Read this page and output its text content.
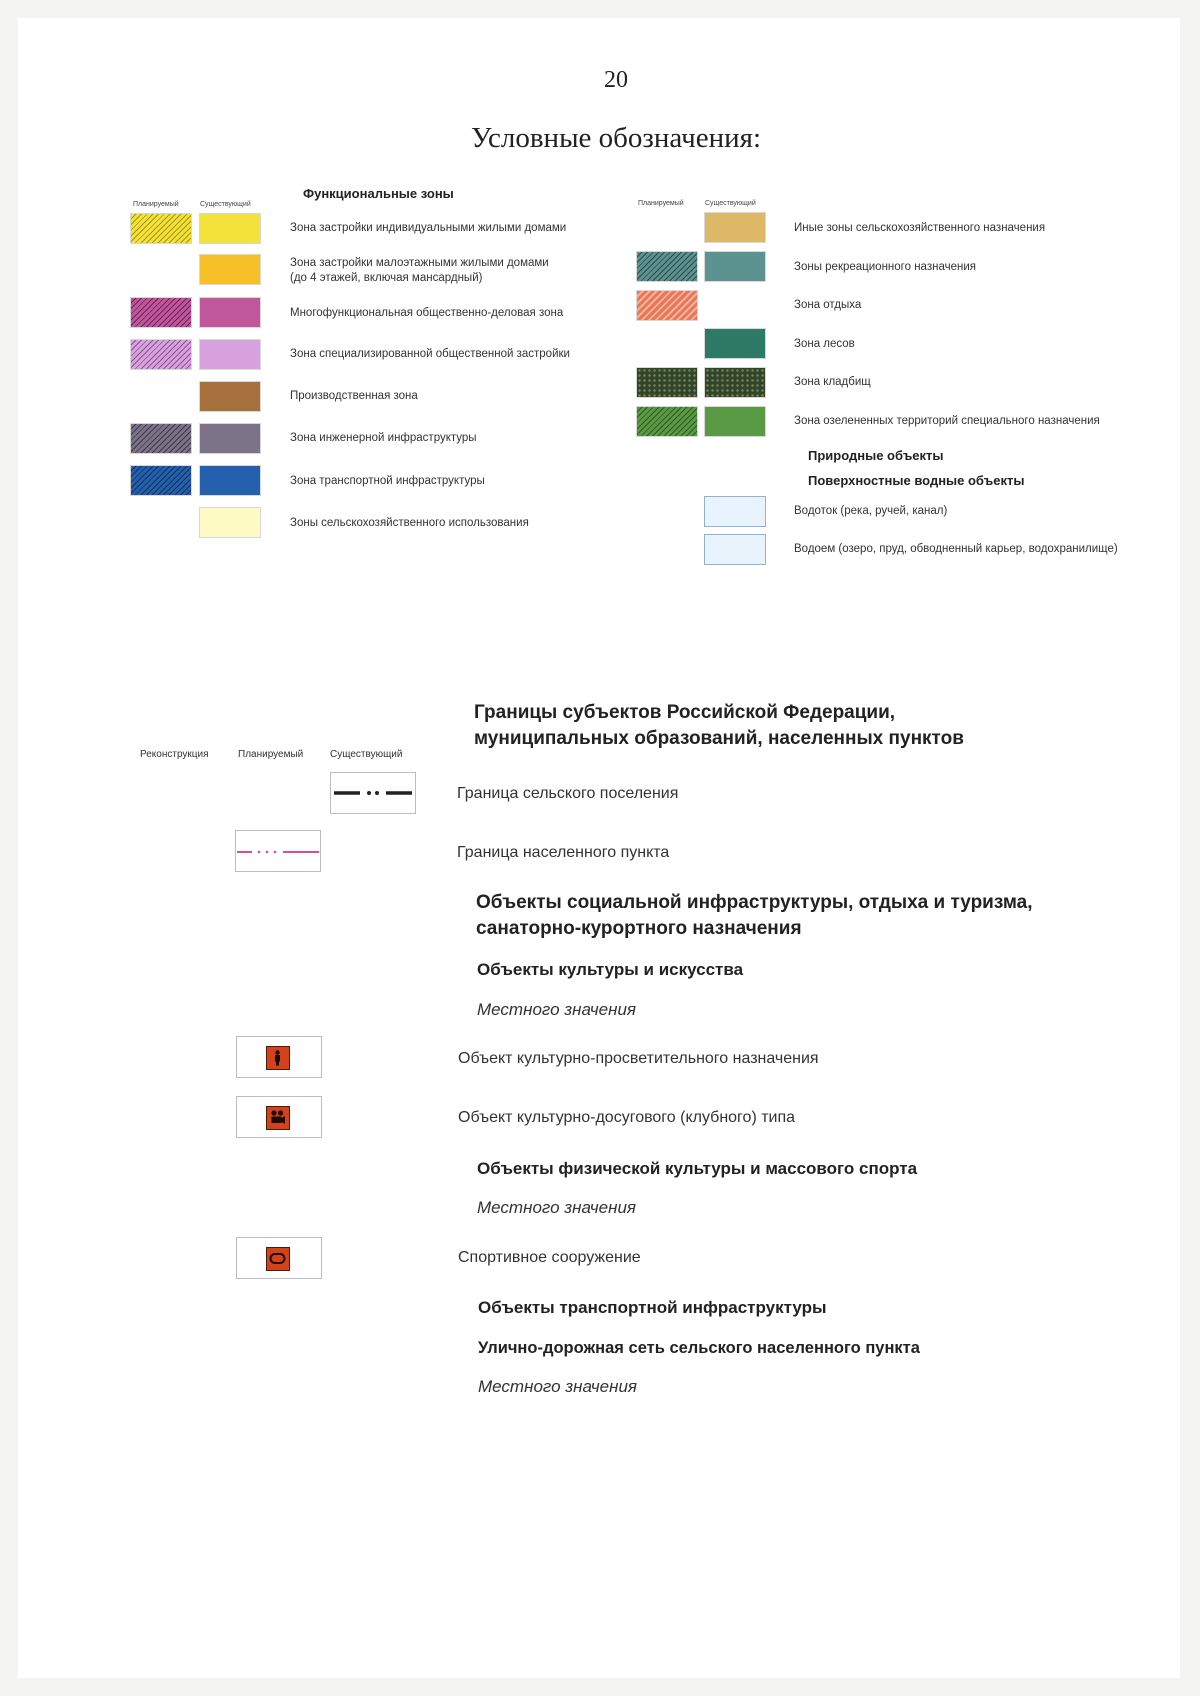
20
Условные обозначения:
Планируемый	Существующий
Функциональные зоны
Зона застройки индивидуальными жилыми домами
Зона застройки малоэтажными жилыми домами
(до 4 этажей, включая мансардный)
Многофункциональная общественно-деловая зона
Зона специализированной общественной застройки
Производственная зона
Зона инженерной инфраструктуры
Зона транспортной инфраструктуры
Зоны сельскохозяйственного использования
Планируемый	Существующий
Иные зоны сельскохозяйственного назначения
Зоны рекреационного назначения
Зона отдыха
Зона лесов
Зона кладбищ
Зона озелененных территорий специального назначения
Природные объекты
Поверхностные водные объекты
Водоток (река, ручей, канал)
Водоем (озеро, пруд, обводненный карьер, водохранилище)
Реконструкция	Планируемый	Существующий
Границы субъектов Российской Федерации,
муниципальных образований, населенных пунктов
Граница сельского поселения
Граница населенного пункта
Объекты социальной инфраструктуры, отдыха и туризма,
санаторно-курортного назначения
Объекты культуры и искусства
Местного значения
Объект культурно-просветительного назначения
Объект культурно-досугового (клубного) типа
Объекты физической культуры и массового спорта
Местного значения
Спортивное сооружение
Объекты транспортной инфраструктуры
Улично-дорожная сеть сельского населенного пункта
Местного значения
